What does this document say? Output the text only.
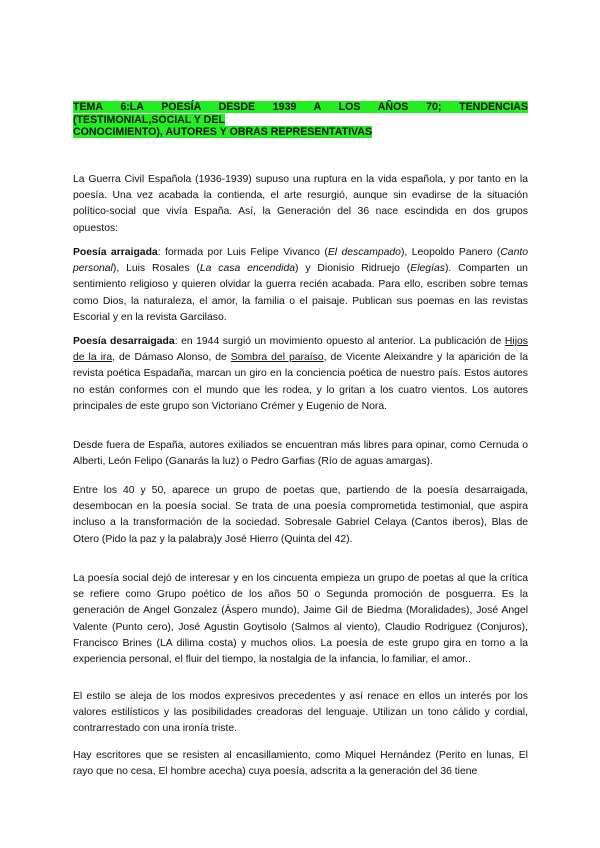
TEMA 6:LA POESÍA DESDE 1939 A LOS AÑOS 70; TENDENCIAS
(TESTIMONIAL,SOCIAL Y DEL
CONOCIMIENTO), AUTORES Y OBRAS REPRESENTATIVAS

La Guerra Civil Española (1936-1939) supuso una ruptura en la vida española, y por tanto en la poesía. Una vez acabada la contienda, el arte resurgió, aunque sin evadirse de la situación político-social que vivía España. Así, la Generación del 36 nace escindida en dos grupos opuestos:

Poesía arraigada: formada por Luis Felipe Vivanco (El descampado), Leopoldo Panero (Canto personal), Luis Rosales (La casa encendida) y Dionisio Ridruejo (Elegías). Comparten un sentimiento religioso y quieren olvidar la guerra recién acabada. Para ello, escriben sobre temas como Dios, la naturaleza, el amor, la familia o el paisaje. Publican sus poemas en las revistas Escorial y en la revista Garcilaso.

Poesía desarraigada: en 1944 surgió un movimiento opuesto al anterior. La publicación de Hijos de la ira, de Dámaso Alonso, de Sombra del paraíso, de Vicente Aleixandre y la aparición de la revista poética Espadaña, marcan un giro en la conciencia poética de nuestro país. Estos autores no están conformes con el mundo que les rodea, y lo gritan a los cuatro vientos. Los autores principales de este grupo son Victoriano Crémer y Eugenio de Nora.

Desde fuera de España, autores exiliados se encuentran más libres para opinar, como Cernuda o Alberti, León Felipo (Ganarás la luz) o Pedro Garfias (Río de aguas amargas).

Entre los 40 y 50, aparece un grupo de poetas que, partiendo de la poesía desarraigada, desembocan en la poesía social. Se trata de una poesía comprometida testimonial, que aspira incluso a la transformación de la sociedad. Sobresale Gabriel Celaya (Cantos iberos), Blas de Otero (Pido la paz y la palabra)y José Hierro (Quinta del 42).

La poesía social dejó de interesar y en los cincuenta empieza un grupo de poetas al que la crítica se refiere como Grupo poético de los años 50 o Segunda promoción de posguerra. Es la generación de Angel Gonzalez (Áspero mundo), Jaime Gil de Biedma (Moralidades), José Angel Valente (Punto cero), José Agustin Goytisolo (Salmos al viento), Claudio Rodriguez (Conjuros), Francisco Brines (LA dilima costa) y muchos olios. La poesía de este grupo gira en torno a la experiencia personal, el fluir del tiempo, la nostalgia de la infancia, lo familiar, el amor..

El estilo se aleja de los modos expresivos precedentes y así renace en ellos un interés por los valores estilísticos y las posibilidades creadoras del lenguaje. Utilizan un tono cálido y cordial, contrarrestado con una ironía triste.

Hay escritores que se resisten al encasillamiento, como Miquel Hernández (Perito en lunas, El rayo que no cesa, El hombre acecha) cuya poesía, adscrita a la generación del 36 tiene
